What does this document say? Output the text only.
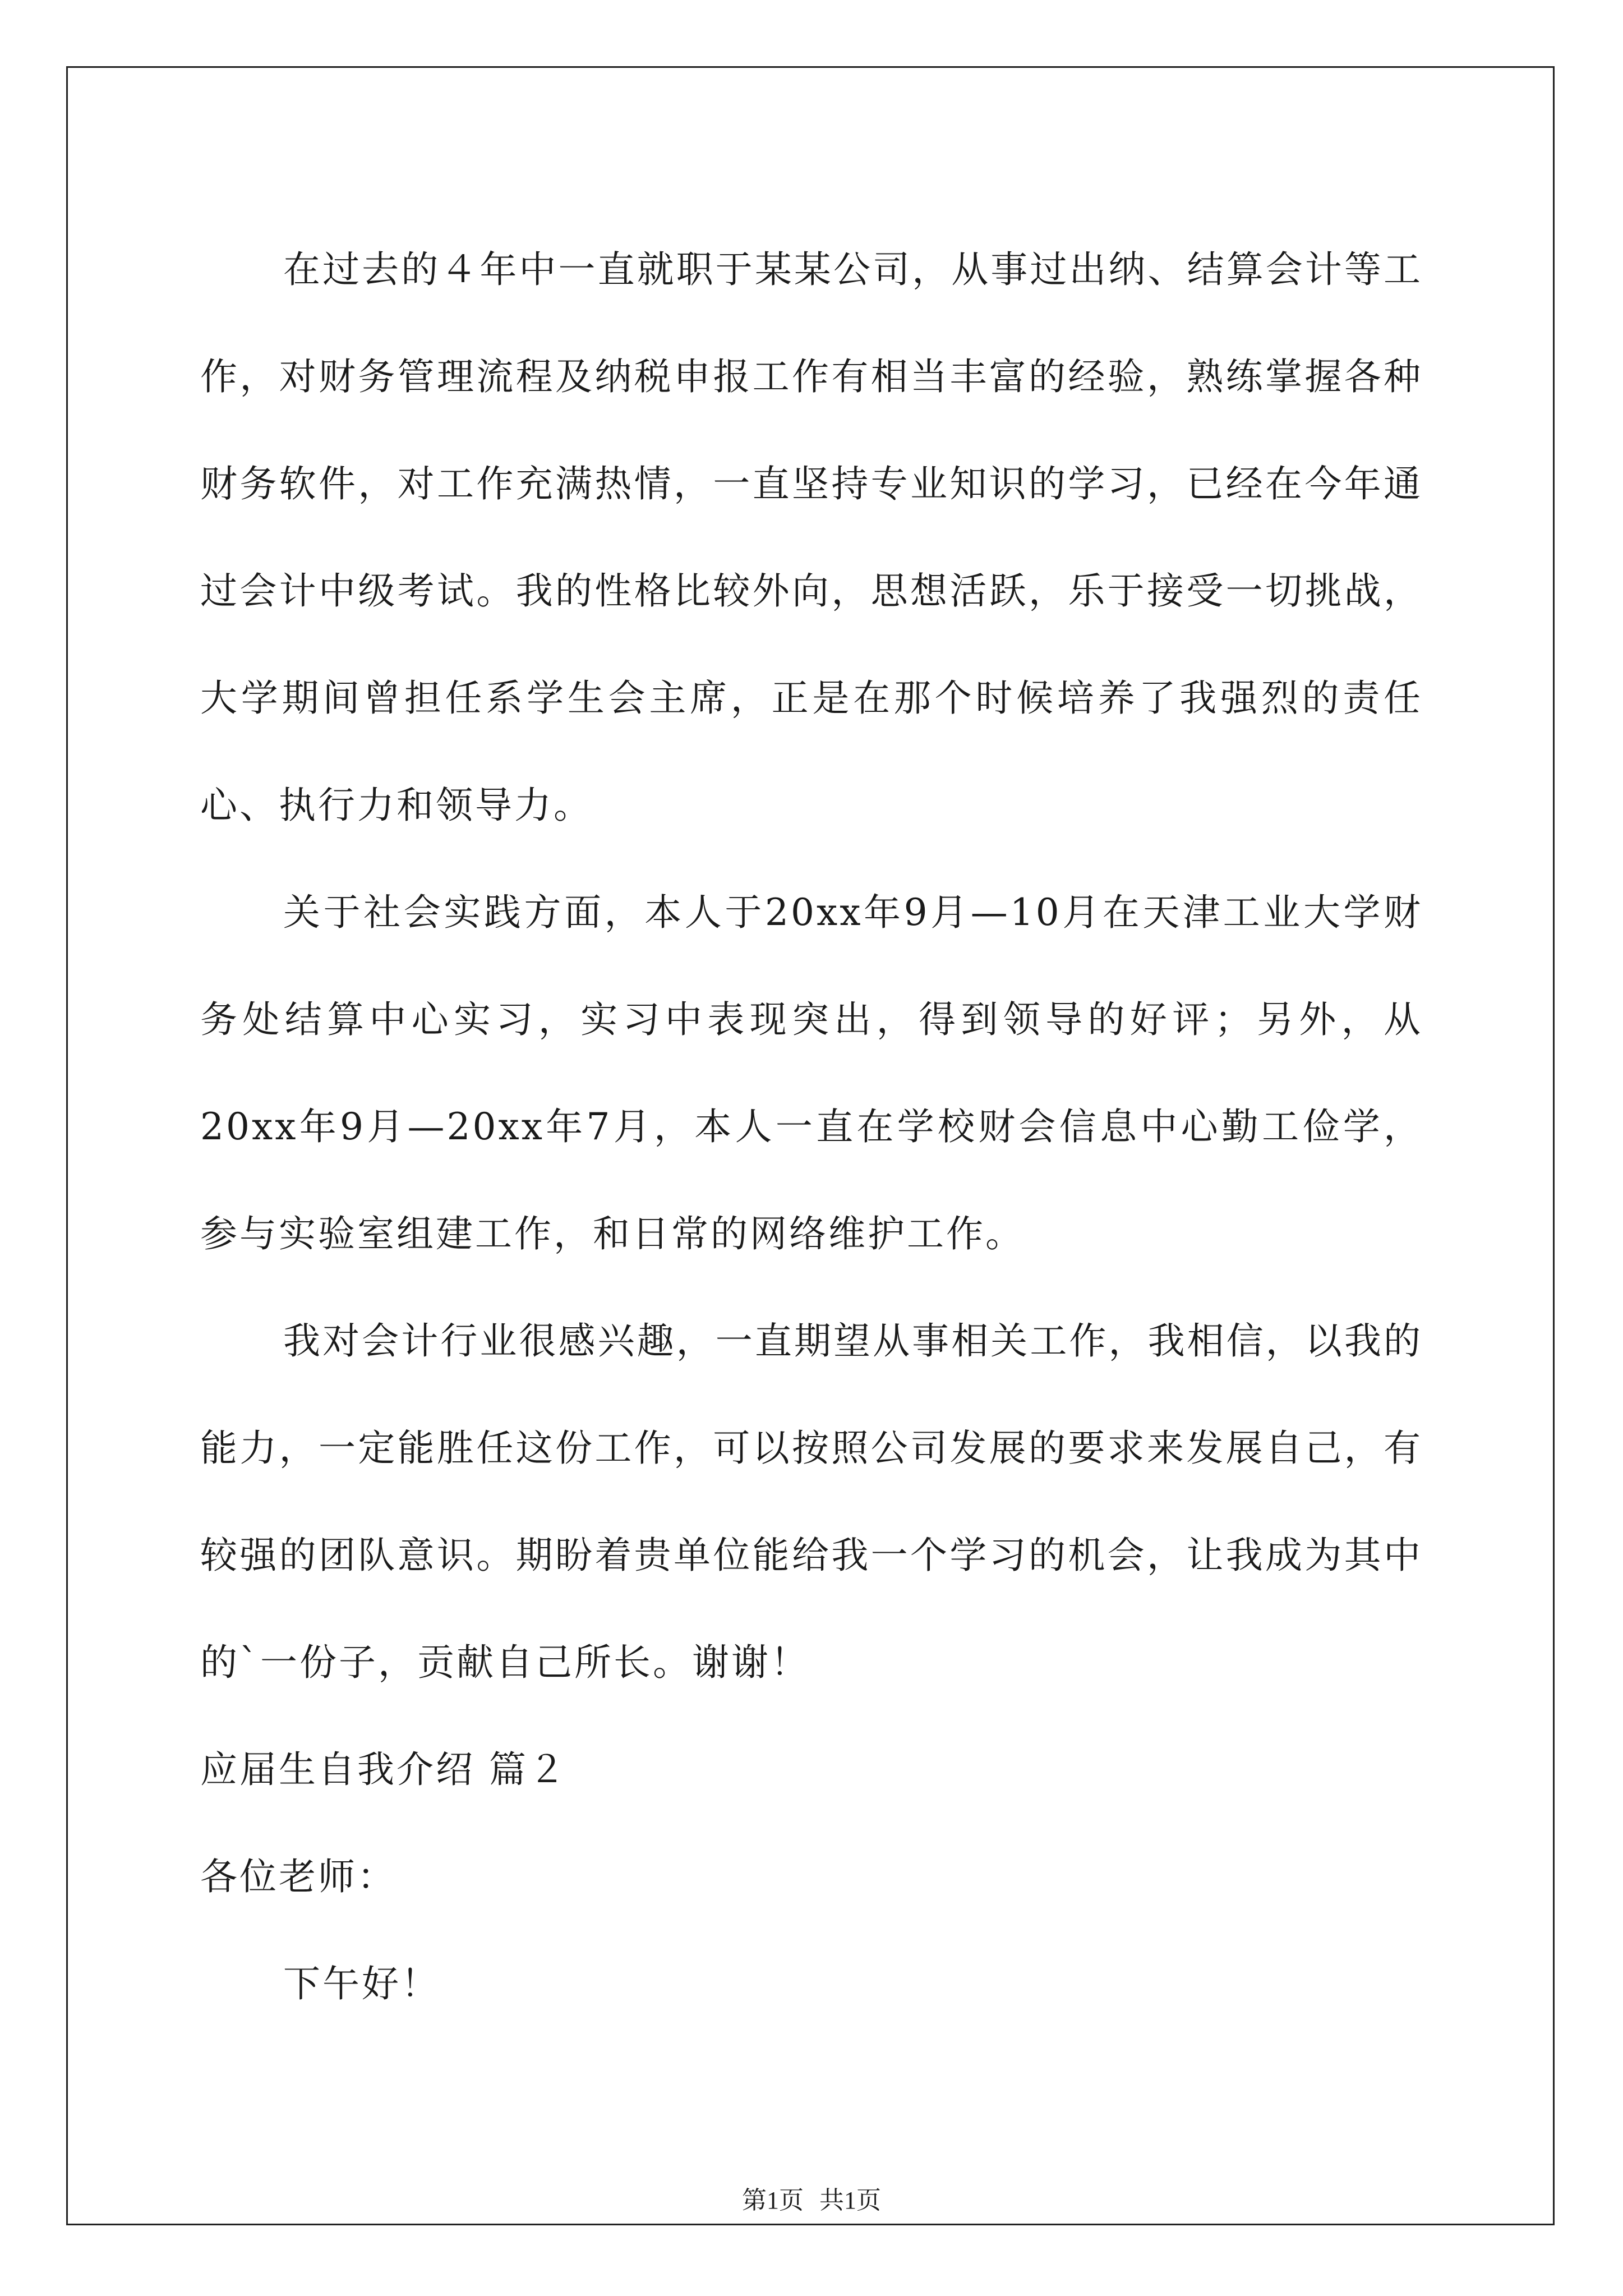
在过去的４年中一直就职于某某公司，从事过出纳、结算会计等工作，对财务管理流程及纳税申报工作有相当丰富的经验，熟练掌握各种财务软件，对工作充满热情，一直坚持专业知识的学习，已经在今年通过会计中级考试。我的性格比较外向，思想活跃，乐于接受一切挑战，大学期间曾担任系学生会主席，正是在那个时候培养了我强烈的责任心、执行力和领导力。

关于社会实践方面，本人于20xx年9月—10月在天津工业大学财务处结算中心实习，实习中表现突出，得到领导的好评；另外，从20xx年9月—20xx年7月，本人一直在学校财会信息中心勤工俭学，参与实验室组建工作，和日常的网络维护工作。

我对会计行业很感兴趣，一直期望从事相关工作，我相信，以我的能力，一定能胜任这份工作，可以按照公司发展的要求来发展自己，有较强的团队意识。期盼着贵单位能给我一个学习的机会，让我成为其中的`一份子，贡献自己所长。谢谢！

应届生自我介绍 篇２

各位老师：

下午好！

第1页 共1页
